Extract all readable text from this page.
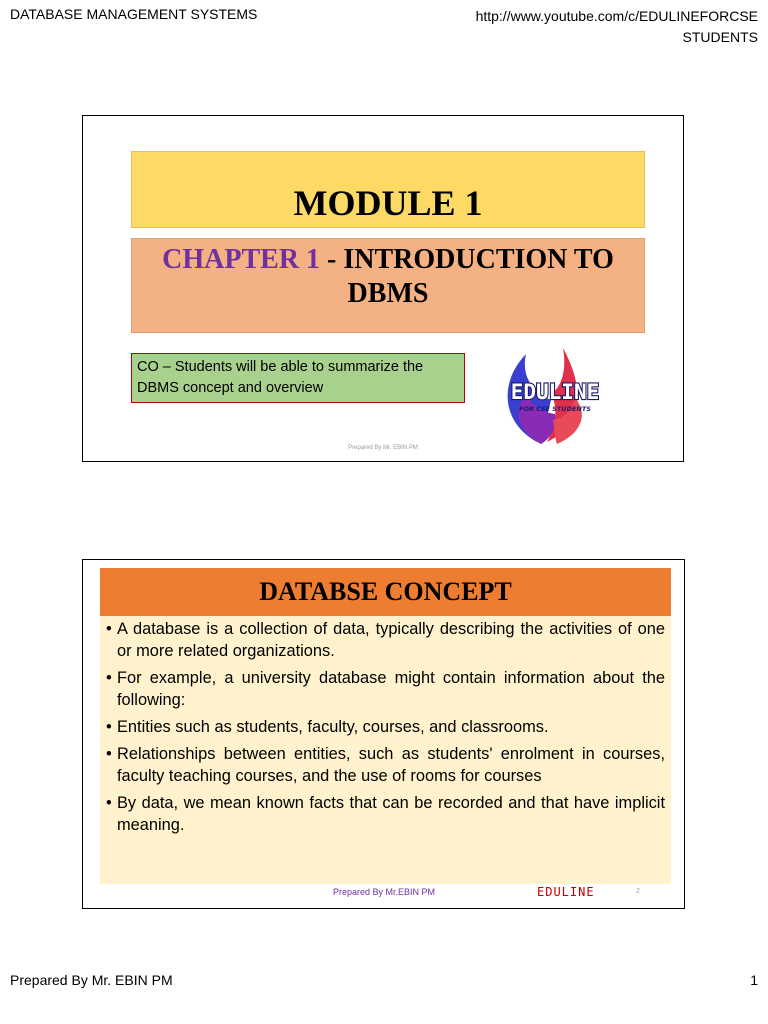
DATABASE MANAGEMENT SYSTEMS	http://www.youtube.com/c/EDULINEFORCSE
STUDENTS
MODULE 1
CHAPTER 1 - INTRODUCTION TO DBMS
CO – Students will be able to summarize the DBMS concept and overview	EDULINE
FOR CSE STUDENTS
Prepared By Mr. EBIN PM
DATABSE CONCEPT
• A database is a collection of data, typically describing the activities of one or more related organizations.
• For example, a university database might contain information about the following:
• Entities such as students, faculty, courses, and classrooms.
• Relationships between entities, such as students' enrolment in courses, faculty teaching courses, and the use of rooms for courses
• By data, we mean known facts that can be recorded and that have implicit meaning.
Prepared By Mr.EBIN PM	EDULINE	2
Prepared By Mr. EBIN PM	1
